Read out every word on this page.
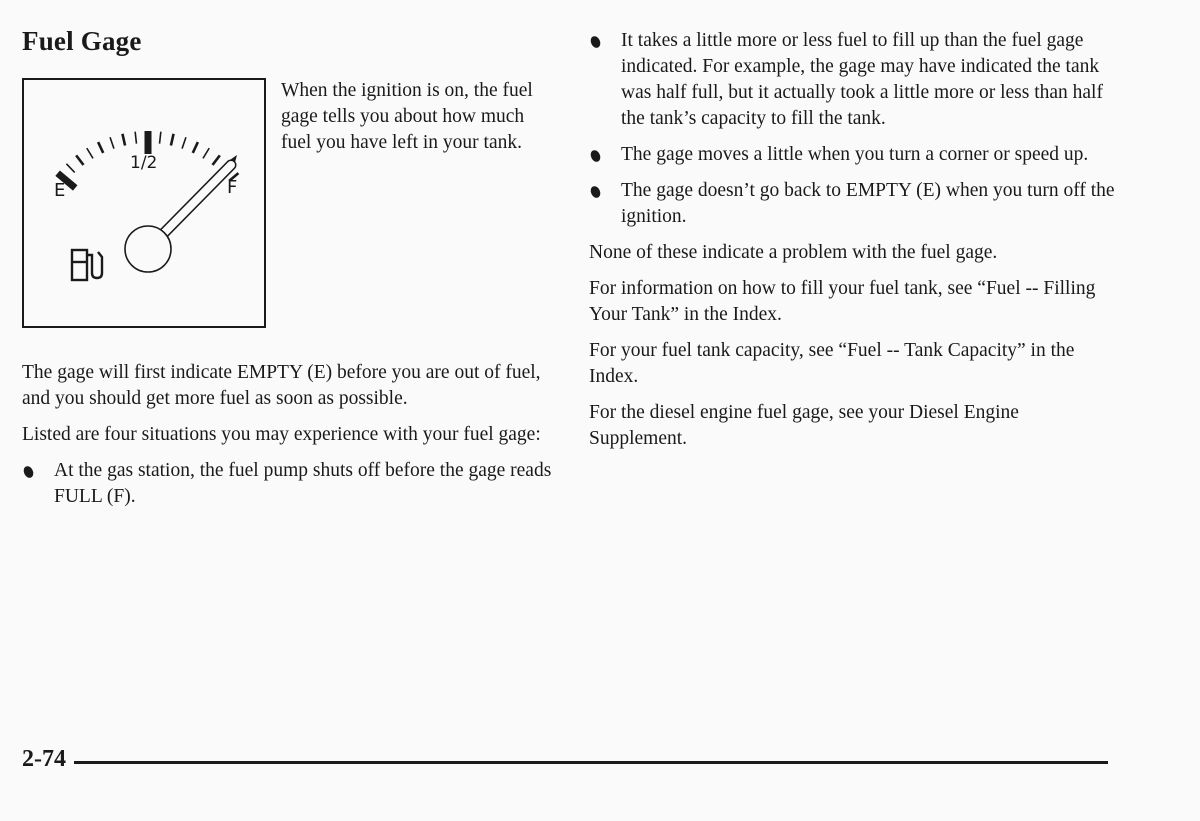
Fuel Gage
E
1/2
F

When the ignition is on, the fuel gage tells you about how much fuel you have left in your tank.

The gage will first indicate EMPTY (E) before you are out of fuel, and you should get more fuel as soon as possible.

Listed are four situations you may experience with your fuel gage:

At the gas station, the fuel pump shuts off before the gage reads FULL (F).
It takes a little more or less fuel to fill up than the fuel gage indicated. For example, the gage may have indicated the tank was half full, but it actually took a little more or less than half the tank’s capacity to fill the tank.
The gage moves a little when you turn a corner or speed up.
The gage doesn’t go back to EMPTY (E) when you turn off the ignition.

None of these indicate a problem with the fuel gage.

For information on how to fill your fuel tank, see “Fuel -- Filling Your Tank” in the Index.

For your fuel tank capacity, see “Fuel -- Tank Capacity” in the Index.

For the diesel engine fuel gage, see your Diesel Engine Supplement.

2-74
